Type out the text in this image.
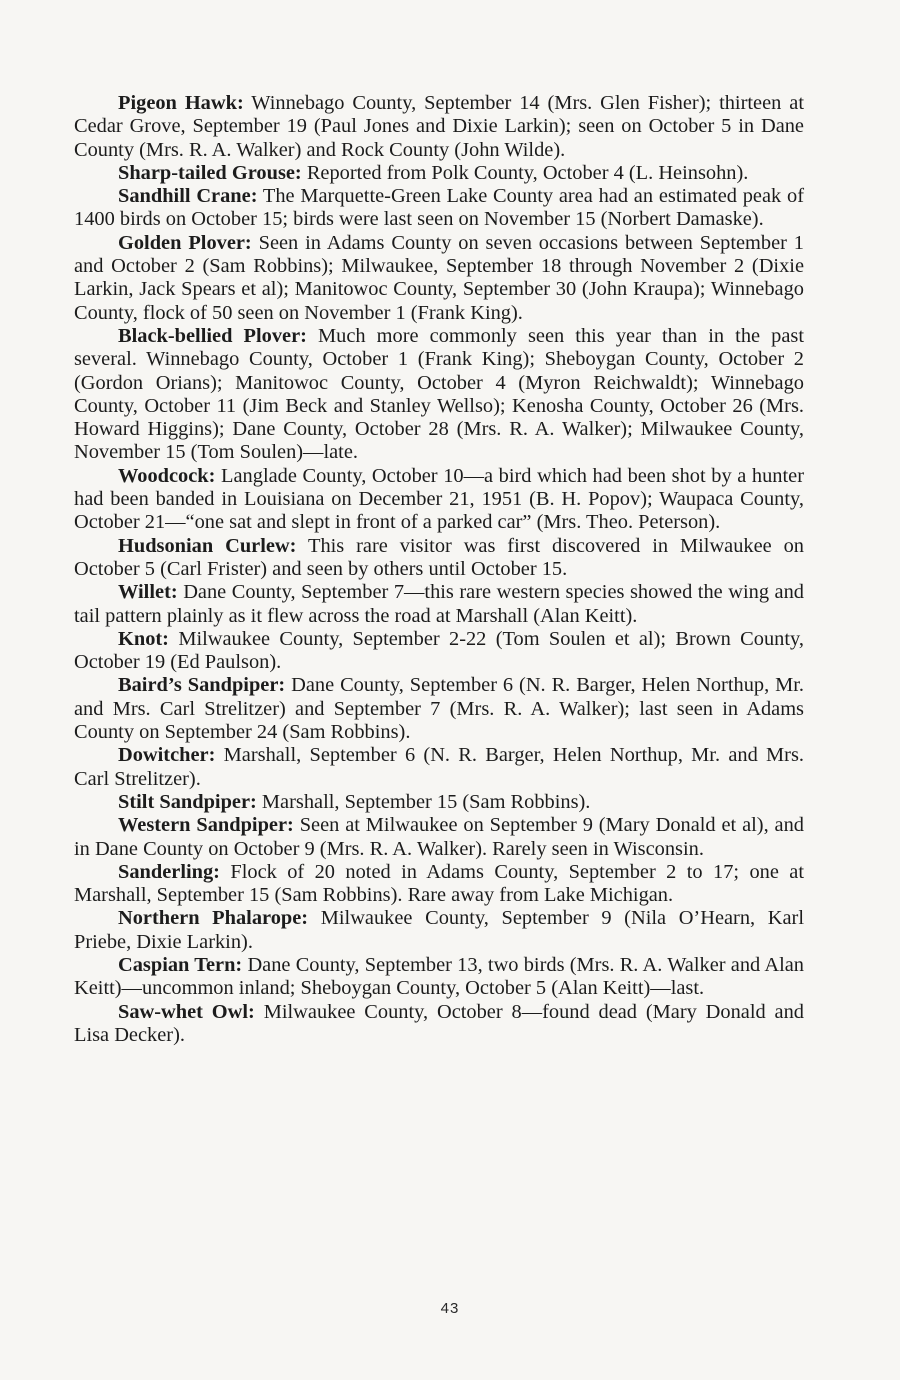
Pigeon Hawk: Winnebago County, September 14 (Mrs. Glen Fisher); thirteen at Cedar Grove, September 19 (Paul Jones and Dixie Larkin); seen on October 5 in Dane County (Mrs. R. A. Walker) and Rock County (John Wilde).

Sharp-tailed Grouse: Reported from Polk County, October 4 (L. Heinsohn).

Sandhill Crane: The Marquette-Green Lake County area had an estimated peak of 1400 birds on October 15; birds were last seen on November 15 (Norbert Damaske).

Golden Plover: Seen in Adams County on seven occasions between September 1 and October 2 (Sam Robbins); Milwaukee, September 18 through November 2 (Dixie Larkin, Jack Spears et al); Manitowoc County, September 30 (John Kraupa); Winnebago County, flock of 50 seen on November 1 (Frank King).

Black-bellied Plover: Much more commonly seen this year than in the past several. Winnebago County, October 1 (Frank King); Sheboygan County, October 2 (Gordon Orians); Manitowoc County, October 4 (Myron Reichwaldt); Winnebago County, October 11 (Jim Beck and Stanley Wellso); Kenosha County, October 26 (Mrs. Howard Higgins); Dane County, October 28 (Mrs. R. A. Walker); Milwaukee County, November 15 (Tom Soulen)—late.

Woodcock: Langlade County, October 10—a bird which had been shot by a hunter had been banded in Louisiana on December 21, 1951 (B. H. Popov); Waupaca County, October 21—“one sat and slept in front of a parked car” (Mrs. Theo. Peterson).

Hudsonian Curlew: This rare visitor was first discovered in Milwaukee on October 5 (Carl Frister) and seen by others until October 15.

Willet: Dane County, September 7—this rare western species showed the wing and tail pattern plainly as it flew across the road at Marshall (Alan Keitt).

Knot: Milwaukee County, September 2-22 (Tom Soulen et al); Brown County, October 19 (Ed Paulson).

Baird’s Sandpiper: Dane County, September 6 (N. R. Barger, Helen Northup, Mr. and Mrs. Carl Strelitzer) and September 7 (Mrs. R. A. Walker); last seen in Adams County on September 24 (Sam Robbins).

Dowitcher: Marshall, September 6 (N. R. Barger, Helen Northup, Mr. and Mrs. Carl Strelitzer).

Stilt Sandpiper: Marshall, September 15 (Sam Robbins).

Western Sandpiper: Seen at Milwaukee on September 9 (Mary Donald et al), and in Dane County on October 9 (Mrs. R. A. Walker). Rarely seen in Wisconsin.

Sanderling: Flock of 20 noted in Adams County, September 2 to 17; one at Marshall, September 15 (Sam Robbins). Rare away from Lake Michigan.

Northern Phalarope: Milwaukee County, September 9 (Nila O’Hearn, Karl Priebe, Dixie Larkin).

Caspian Tern: Dane County, September 13, two birds (Mrs. R. A. Walker and Alan Keitt)—uncommon inland; Sheboygan County, October 5 (Alan Keitt)—last.

Saw-whet Owl: Milwaukee County, October 8—found dead (Mary Donald and Lisa Decker).

43
